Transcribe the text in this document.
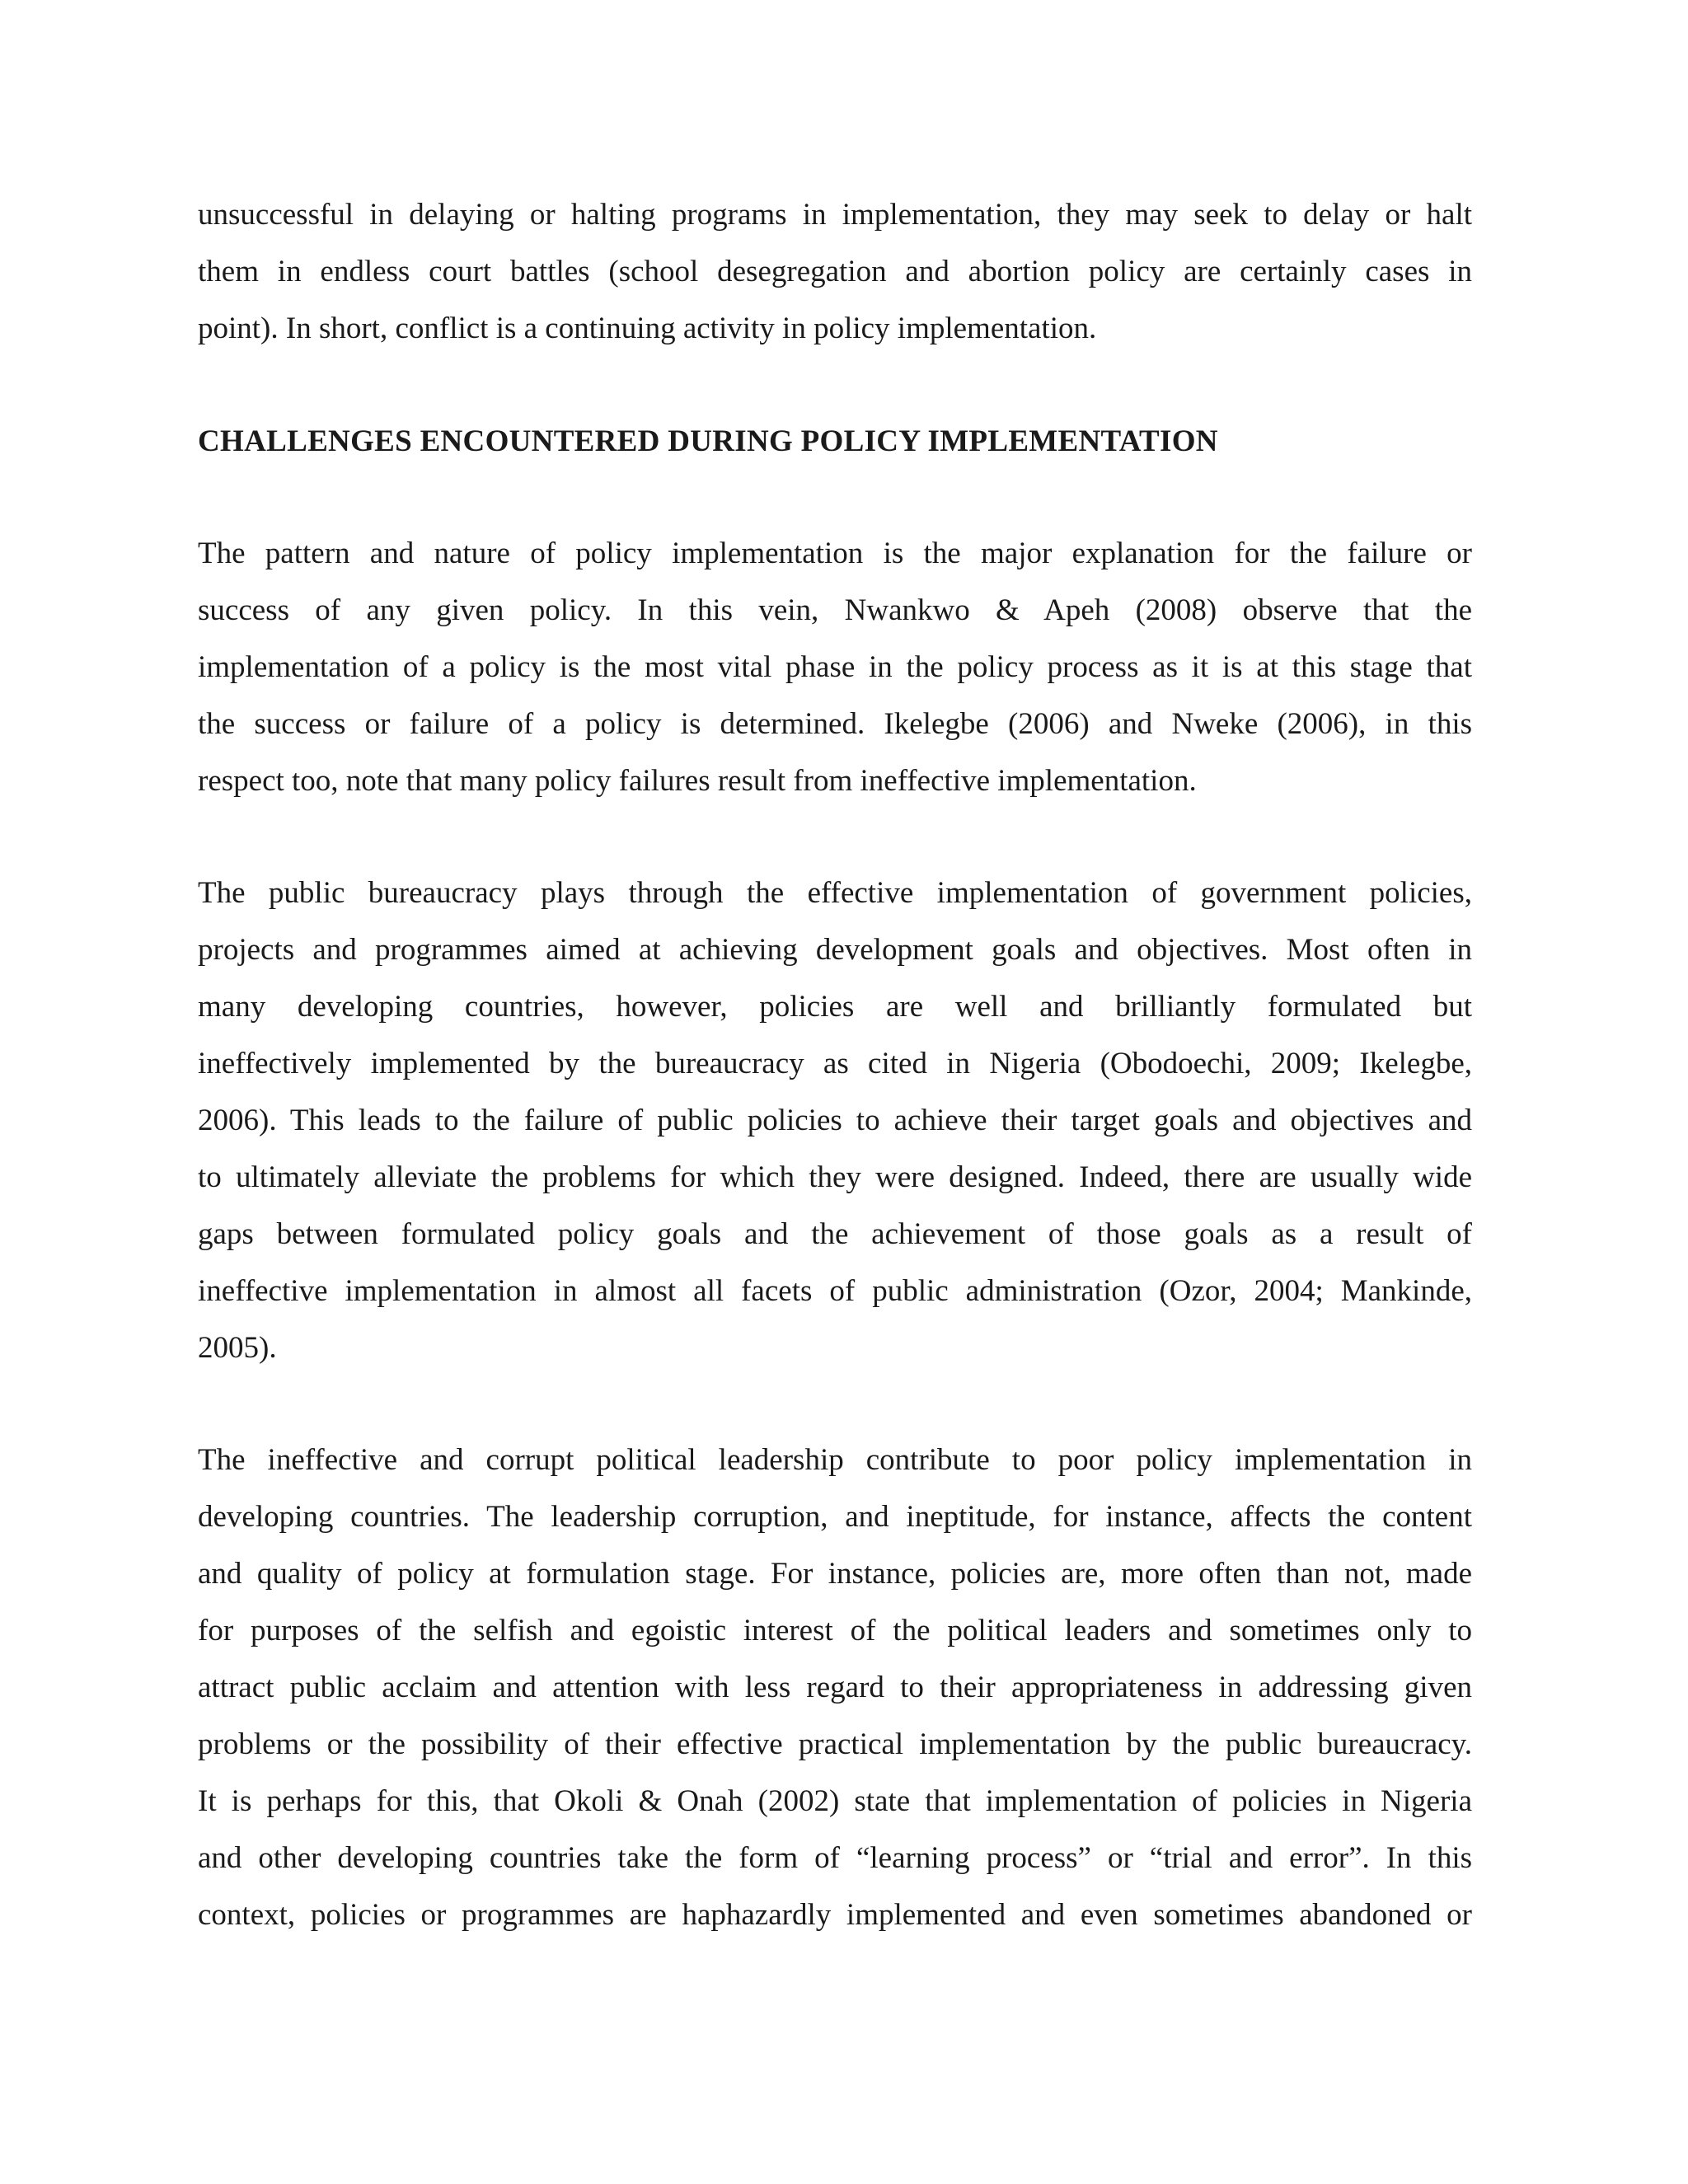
unsuccessful in delaying or halting programs in implementation, they may seek to delay or halt
them in endless court battles (school desegregation and abortion policy are certainly cases in
point). In short, conflict is a continuing activity in policy implementation.

CHALLENGES ENCOUNTERED DURING POLICY IMPLEMENTATION

The pattern and nature of policy implementation is the major explanation for the failure or
success of any given policy. In this vein, Nwankwo & Apeh (2008) observe that the
implementation of a policy is the most vital phase in the policy process as it is at this stage that
the success or failure of a policy is determined. Ikelegbe (2006) and Nweke (2006), in this
respect too, note that many policy failures result from ineffective implementation.

The public bureaucracy plays through the effective implementation of government policies,
projects and programmes aimed at achieving development goals and objectives. Most often in
many developing countries, however, policies are well and brilliantly formulated but
ineffectively implemented by the bureaucracy as cited in Nigeria (Obodoechi, 2009; Ikelegbe,
2006). This leads to the failure of public policies to achieve their target goals and objectives and
to ultimately alleviate the problems for which they were designed. Indeed, there are usually wide
gaps between formulated policy goals and the achievement of those goals as a result of
ineffective implementation in almost all facets of public administration (Ozor, 2004; Mankinde,
2005).

The ineffective and corrupt political leadership contribute to poor policy implementation in
developing countries. The leadership corruption, and ineptitude, for instance, affects the content
and quality of policy at formulation stage. For instance, policies are, more often than not, made
for purposes of the selfish and egoistic interest of the political leaders and sometimes only to
attract public acclaim and attention with less regard to their appropriateness in addressing given
problems or the possibility of their effective practical implementation by the public bureaucracy.
It is perhaps for this, that Okoli & Onah (2002) state that implementation of policies in Nigeria
and other developing countries take the form of “learning process” or “trial and error”. In this
context, policies or programmes are haphazardly implemented and even sometimes abandoned or
